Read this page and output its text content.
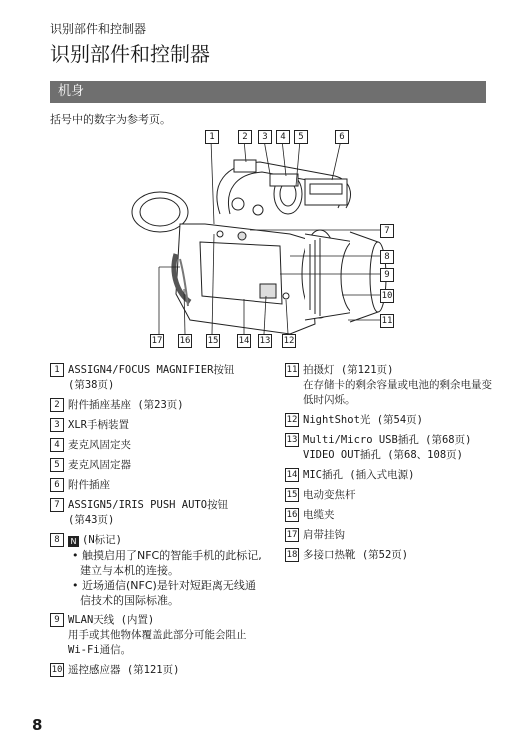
识别部件和控制器
识别部件和控制器
机身
括号中的数字为参考页。
1	2	3	4	5	6
7
8
9
10
11
17 16 15 14 13 12
1 ASSIGN4/FOCUS MAGNIFIER按钮
(第38页)
2 附件插座基座 (第23页)
3 XLR手柄装置
4 麦克风固定夹
5 麦克风固定器
6 附件插座
7 ASSIGN5/IRIS PUSH AUTO按钮
(第43页)
8	N (N标记)
• 触摸启用了NFC的智能手机的此标记, 建立与本机的连接。
• 近场通信(NFC)是针对短距离无线通信技术的国际标准。
9 WLAN天线 (内置)
用手或其他物体覆盖此部分可能会阻止Wi-Fi通信。
10 遥控感应器 (第121页)
11 拍摄灯 (第121页)
在存储卡的剩余容量或电池的剩余电量变低时闪烁。
12 NightShot光 (第54页)
13 Multi/Micro USB插孔 (第68页)
VIDEO OUT插孔 (第68、108页)
14 MIC插孔 (插入式电源)
15 电动变焦杆
16 电缆夹
17 肩带挂钩
18 多接口热靴 (第52页)
8
